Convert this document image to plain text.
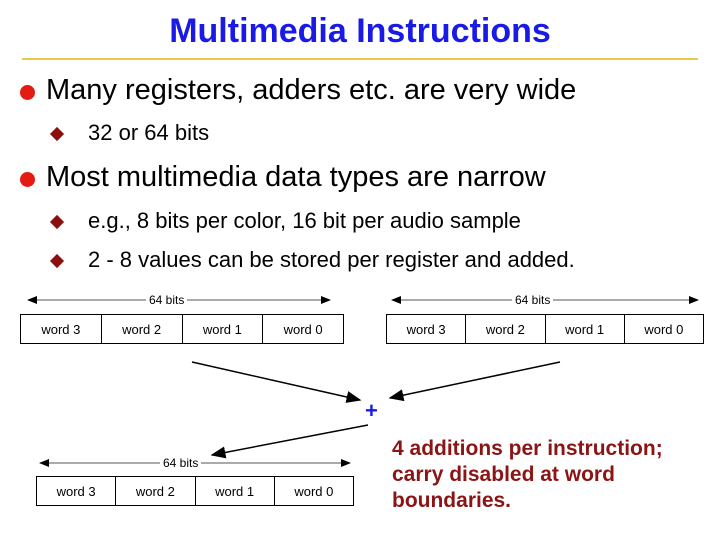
Multimedia Instructions
Many registers, adders etc. are very wide
32 or 64 bits
Most multimedia data types are narrow
e.g., 8 bits per color, 16 bit per audio sample
2 - 8 values can be stored per register and added.
64 bits
word 3	word 2	word 1	word 0
64 bits
word 3	word 2	word 1	word 0
+
64 bits
word 3	word 2	word 1	word 0
4 additions per instruction; carry disabled at word boundaries.
